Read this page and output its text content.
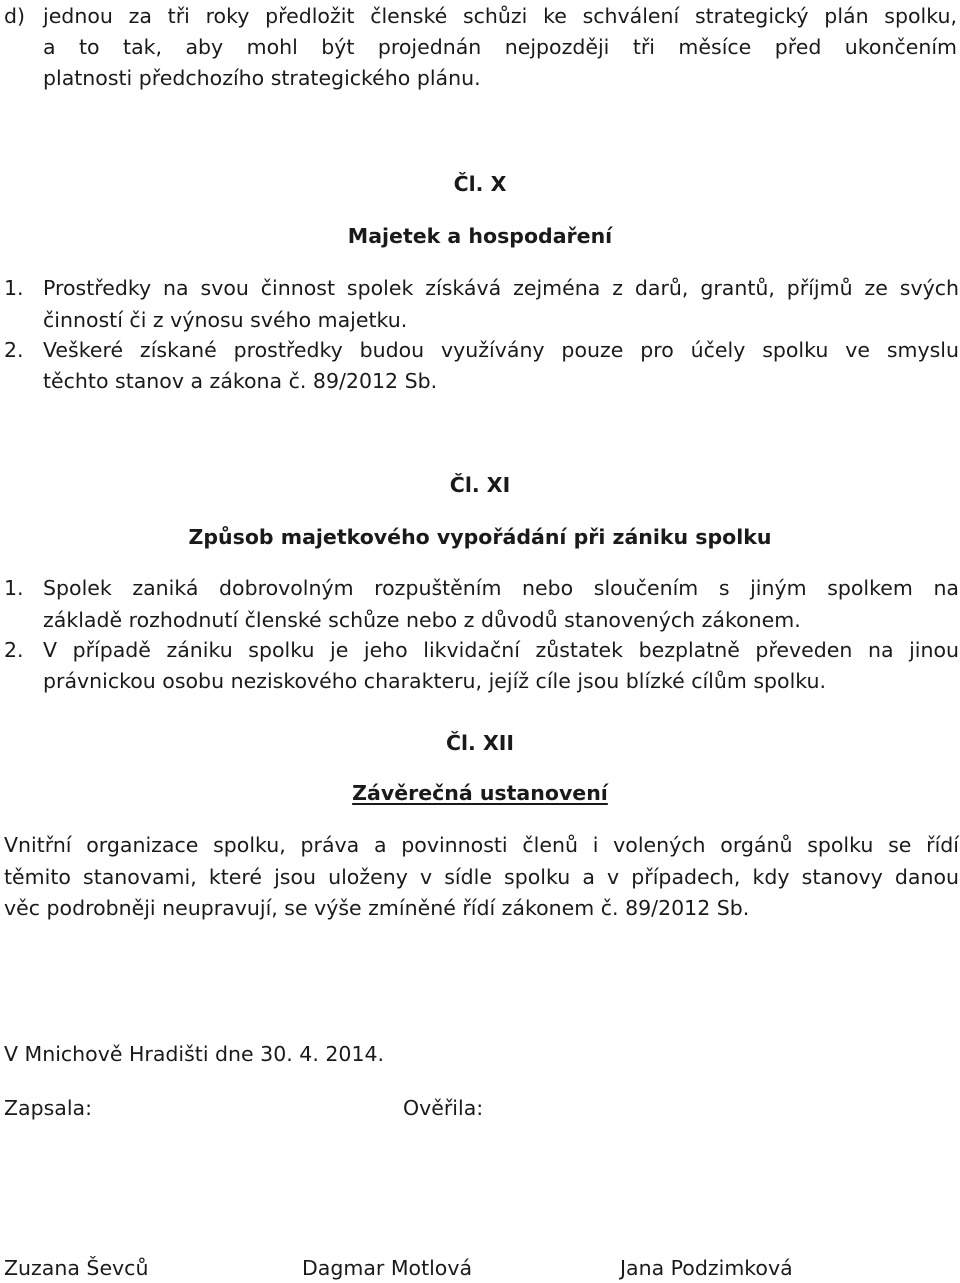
d) jednou za tři roky předložit členské schůzi ke schválení strategický plán spolku,
a to tak, aby mohl být projednán nejpozději tři měsíce před ukončením
platnosti předchozího strategického plánu.
Čl. X
Majetek a hospodaření
1. Prostředky na svou činnost spolek získává zejména z darů, grantů, příjmů ze svých
činností či z výnosu svého majetku.
2. Veškeré získané prostředky budou využívány pouze pro účely spolku ve smyslu
těchto stanov a zákona č. 89/2012 Sb.
Čl. XI
Způsob majetkového vypořádání při zániku spolku
1. Spolek zaniká dobrovolným rozpuštěním nebo sloučením s jiným spolkem na
základě rozhodnutí členské schůze nebo z důvodů stanovených zákonem.
2. V případě zániku spolku je jeho likvidační zůstatek bezplatně převeden na jinou
právnickou osobu neziskového charakteru, jejíž cíle jsou blízké cílům spolku.
Čl. XII
Závěrečná ustanovení
Vnitřní organizace spolku, práva a povinnosti členů i volených orgánů spolku se řídí
těmito stanovami, které jsou uloženy v sídle spolku a v případech, kdy stanovy danou
věc podrobněji neupravují, se výše zmíněné řídí zákonem č. 89/2012 Sb.
V Mnichově Hradišti dne 30. 4. 2014.
Zapsala:	Ověřila:
Zuzana Ševců	Dagmar Motlová	Jana Podzimková
